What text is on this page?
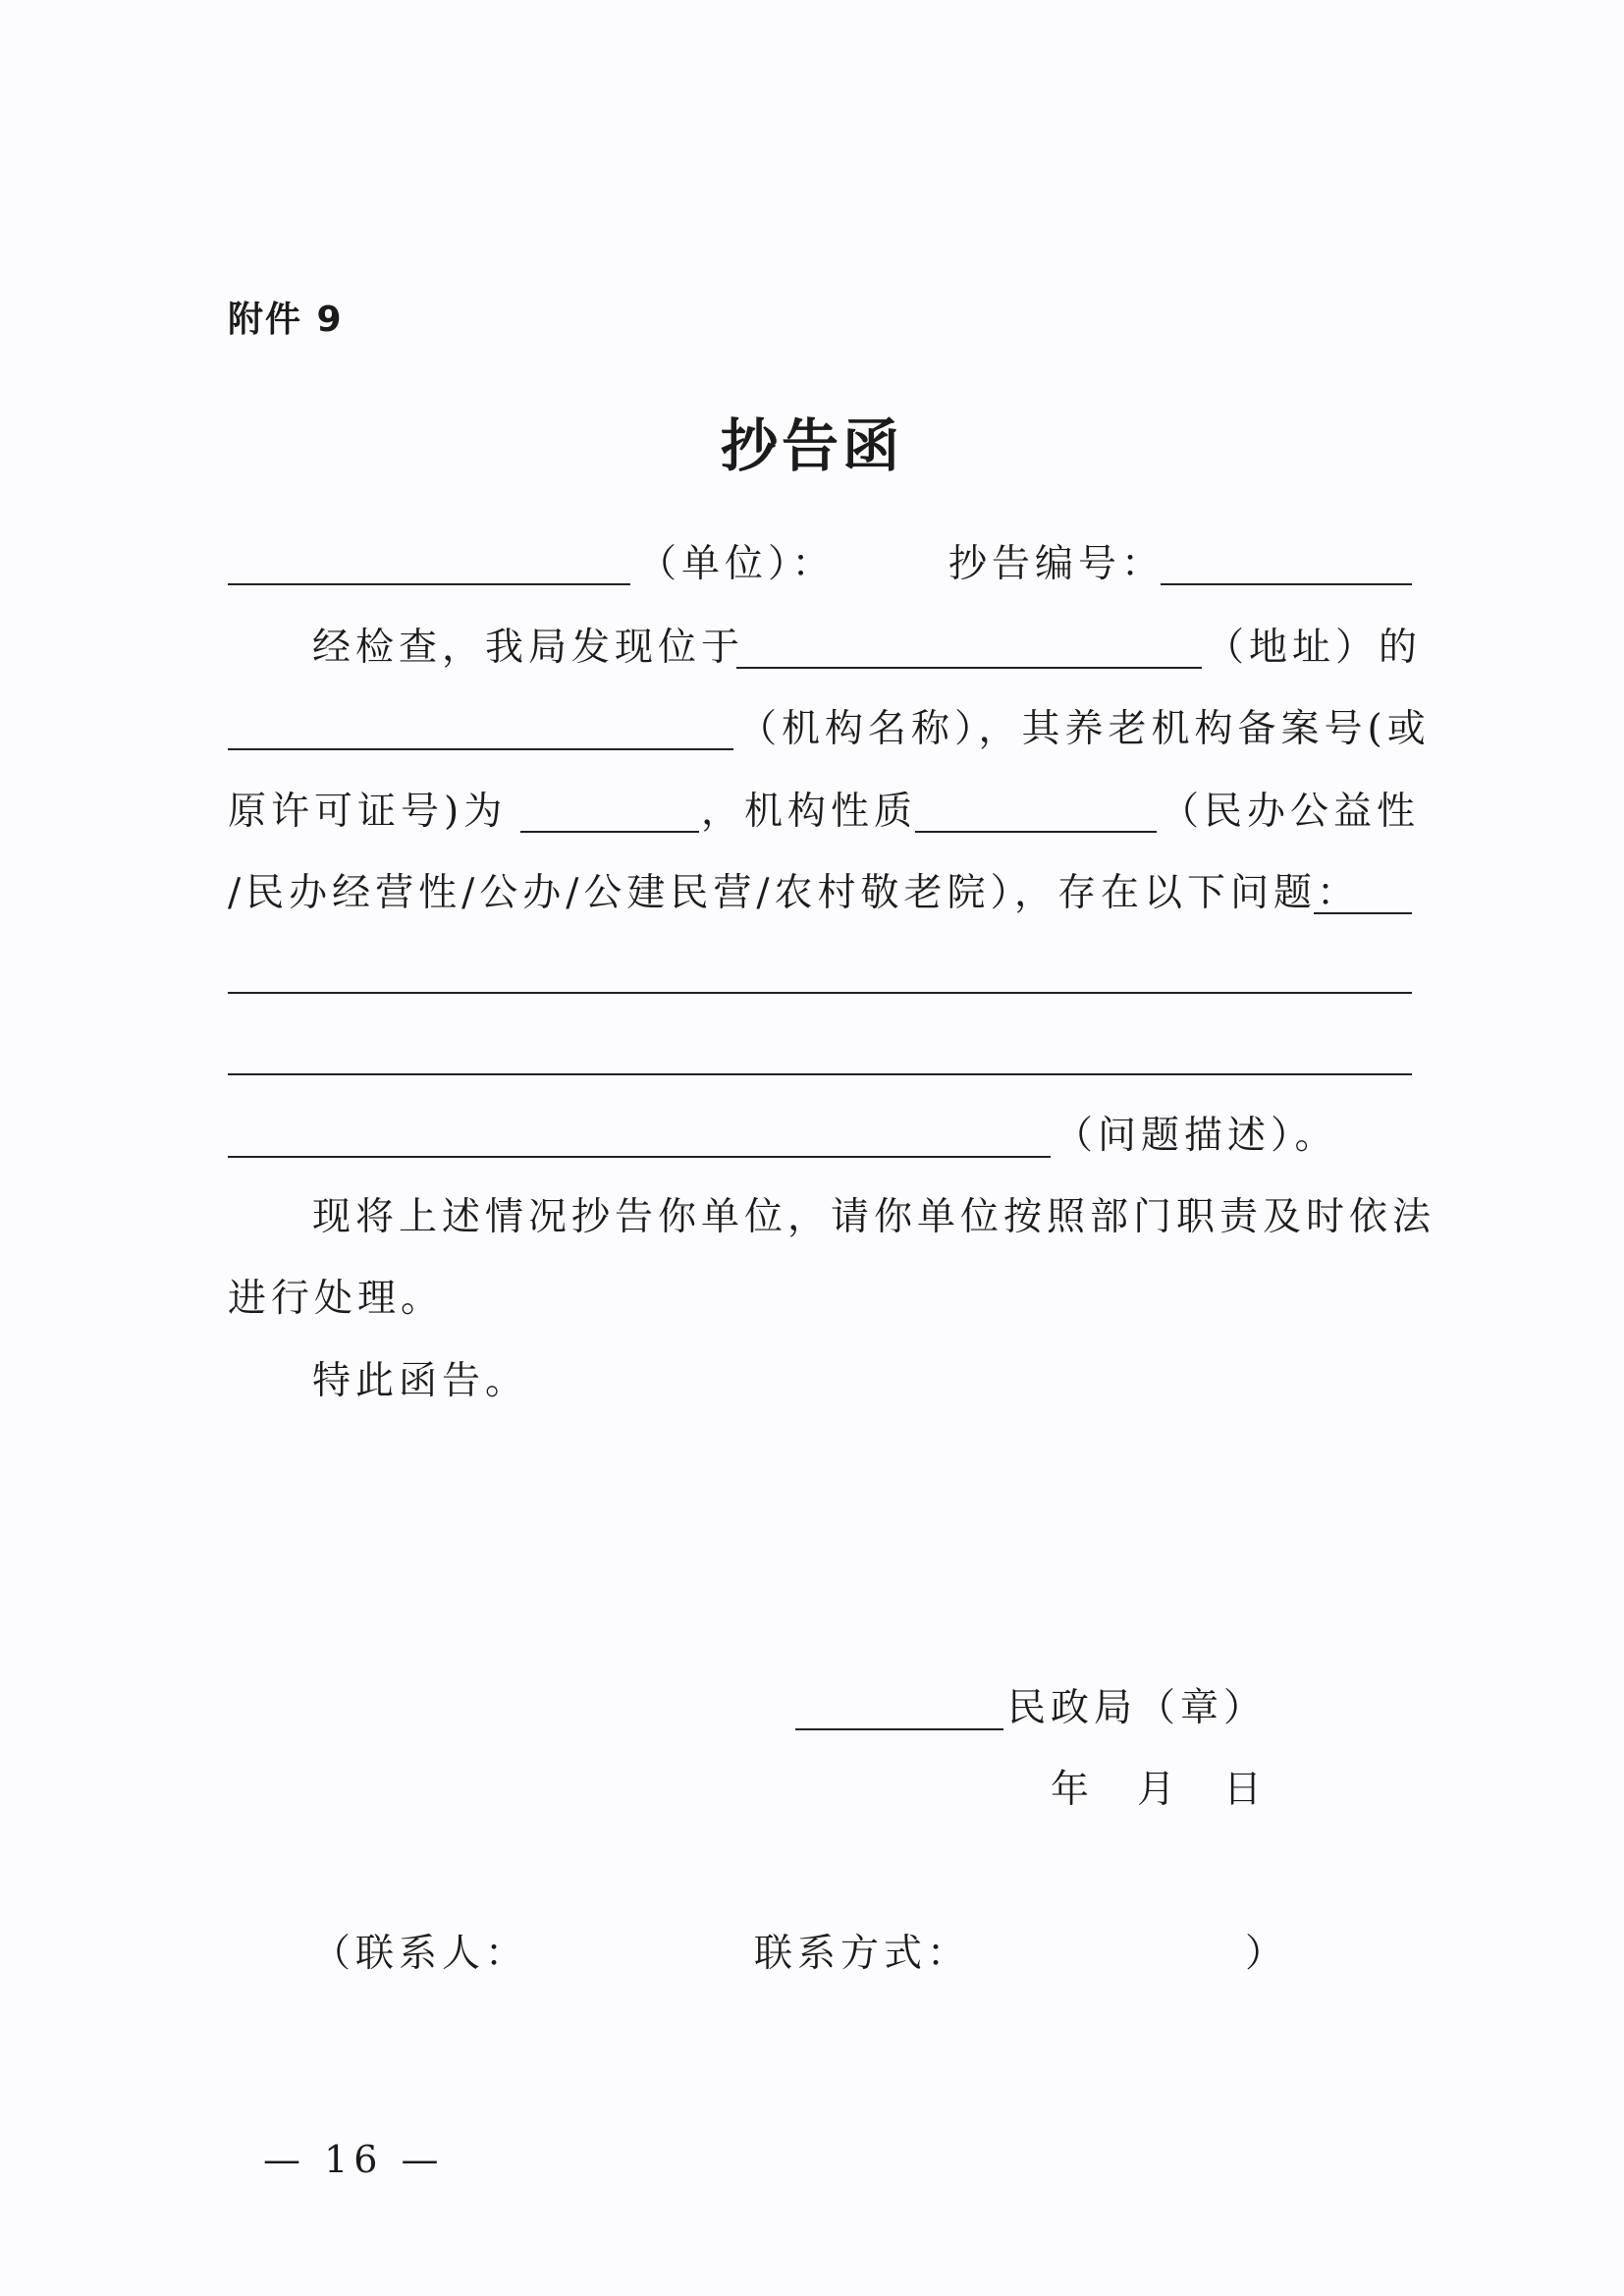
附件 9
抄告函
（单位）：	抄告编号：
经检查，我局发现位于	（地址）的
（机构名称），其养老机构备案号(或
原许可证号)为	，机构性质	（民办公益性
/民办经营性/公办/公建民营/农村敬老院），存在以下问题：
（问题描述）。
现将上述情况抄告你单位，请你单位按照部门职责及时依法
进行处理。
特此函告。
民政局（章）
年　月　日
（联系人：	联系方式：	）
— 16 —
